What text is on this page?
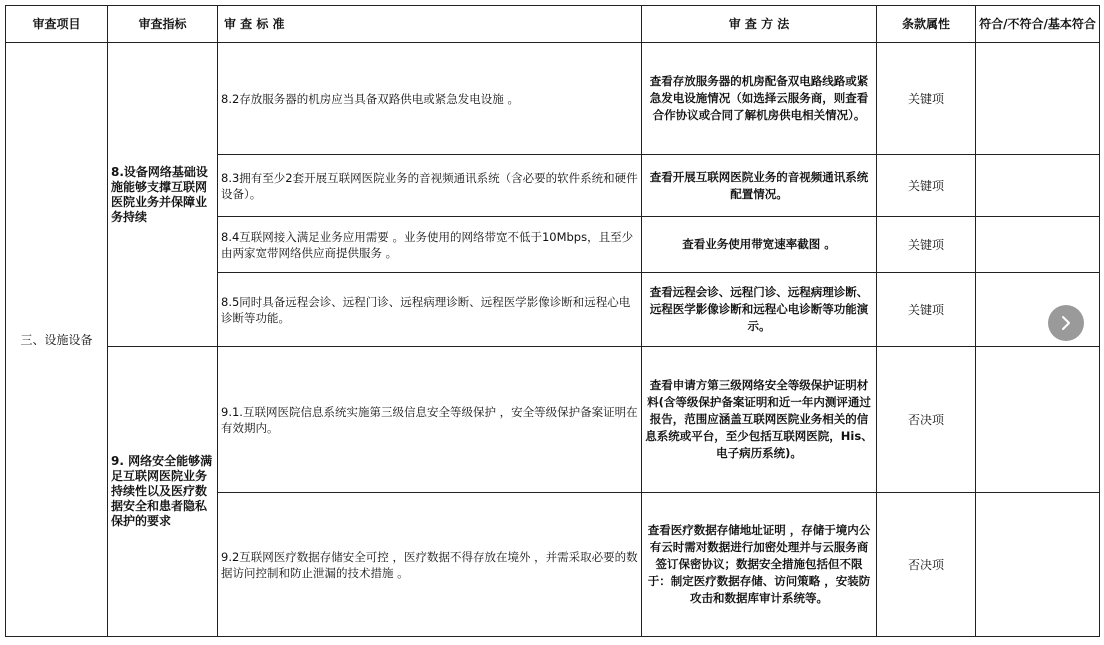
审查项目	审查指标	审 查 标 准	审 查 方 法	条款属性	符合/不符合/基本符合
三、设施设备	8.设备网络基础设施能够支撑互联网医院业务并保障业务持续	8.2存放服务器的机房应当具备双路供电或紧急发电设施 。	查看存放服务器的机房配备双电路线路或紧急发电设施情况（如选择云服务商，则查看合作协议或合同了解机房供电相关情况）。	关键项	
		8.3拥有至少2套开展互联网医院业务的音视频通讯系统（含必要的软件系统和硬件设备）。	查看开展互联网医院业务的音视频通讯系统配置情况。	关键项	
		8.4互联网接入满足业务应用需要 。业务使用的网络带宽不低于10Mbps，且至少由两家宽带网络供应商提供服务 。	查看业务使用带宽速率截图 。	关键项	
		8.5同时具备远程会诊、远程门诊、远程病理诊断、远程医学影像诊断和远程心电诊断等功能。	查看远程会诊、远程门诊、远程病理诊断、远程医学影像诊断和远程心电诊断等功能演示。	关键项	
	9. 网络安全能够满足互联网医院业务持续性以及医疗数据安全和患者隐私保护的要求	9.1.互联网医院信息系统实施第三级信息安全等级保护 ，安全等级保护备案证明在有效期内。	查看申请方第三级网络安全等级保护证明材料(含等级保护备案证明和近一年内测评通过报告，范围应涵盖互联网医院业务相关的信息系统或平台，至少包括互联网医院，His、电子病历系统)。	否决项	
		9.2互联网医疗数据存储安全可控 ，医疗数据不得存放在境外 ，并需采取必要的数据访问控制和防止泄漏的技术措施 。	查看医疗数据存储地址证明 ，存储于境内公有云时需对数据进行加密处理并与云服务商签订保密协议；数据安全措施包括但不限于：制定医疗数据存储、访问策略 ，安装防攻击和数据库审计系统等。	否决项	
